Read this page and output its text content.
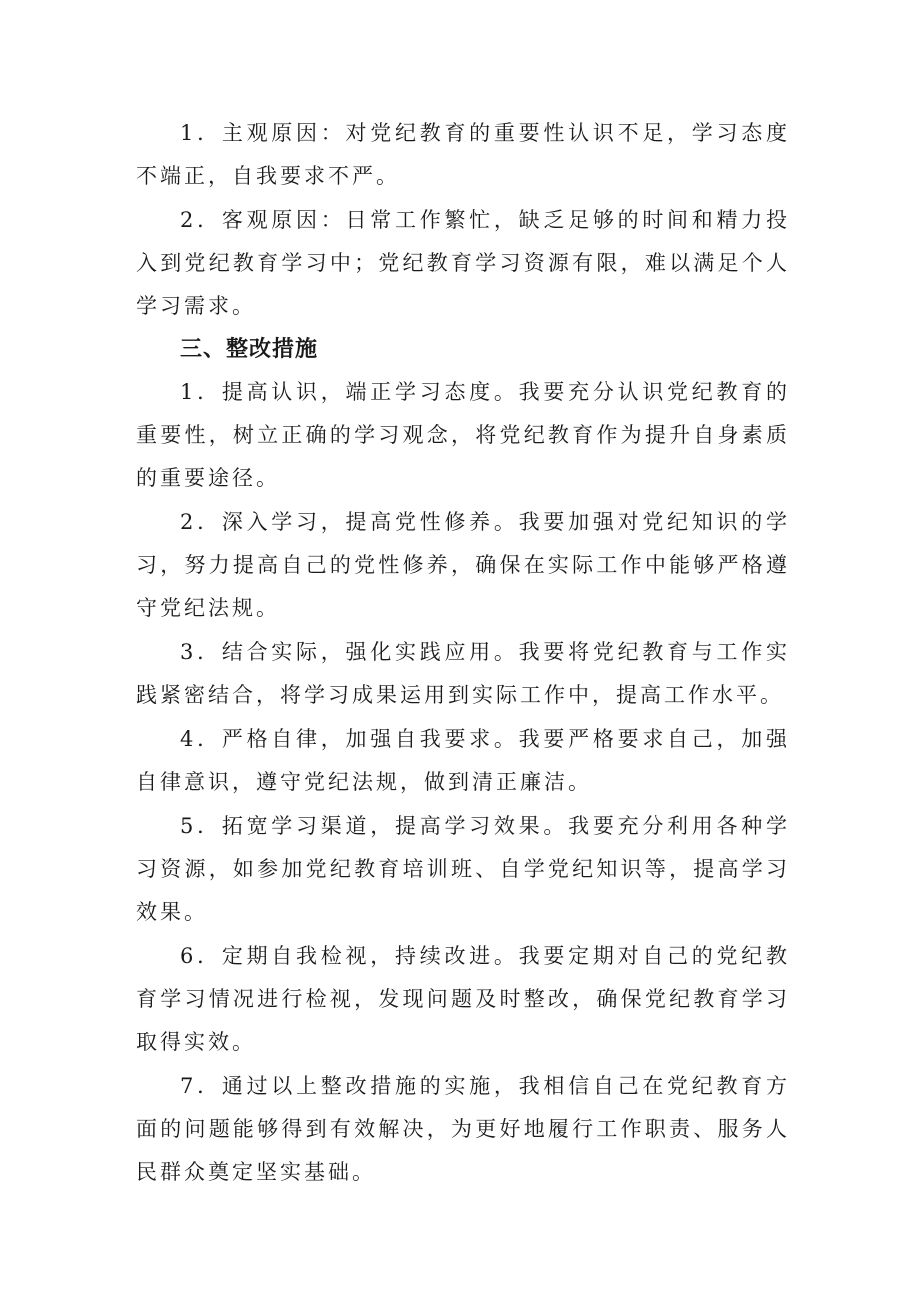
1．主观原因：对党纪教育的重要性认识不足，学习态度不端正，自我要求不严。

2．客观原因：日常工作繁忙，缺乏足够的时间和精力投入到党纪教育学习中；党纪教育学习资源有限，难以满足个人学习需求。

三、整改措施

1．提高认识，端正学习态度。我要充分认识党纪教育的重要性，树立正确的学习观念，将党纪教育作为提升自身素质的重要途径。

2．深入学习，提高党性修养。我要加强对党纪知识的学习，努力提高自己的党性修养，确保在实际工作中能够严格遵守党纪法规。

3．结合实际，强化实践应用。我要将党纪教育与工作实践紧密结合，将学习成果运用到实际工作中，提高工作水平。

4．严格自律，加强自我要求。我要严格要求自己，加强自律意识，遵守党纪法规，做到清正廉洁。

5．拓宽学习渠道，提高学习效果。我要充分利用各种学习资源，如参加党纪教育培训班、自学党纪知识等，提高学习效果。

6．定期自我检视，持续改进。我要定期对自己的党纪教育学习情况进行检视，发现问题及时整改，确保党纪教育学习取得实效。

7．通过以上整改措施的实施，我相信自己在党纪教育方面的问题能够得到有效解决，为更好地履行工作职责、服务人民群众奠定坚实基础。
